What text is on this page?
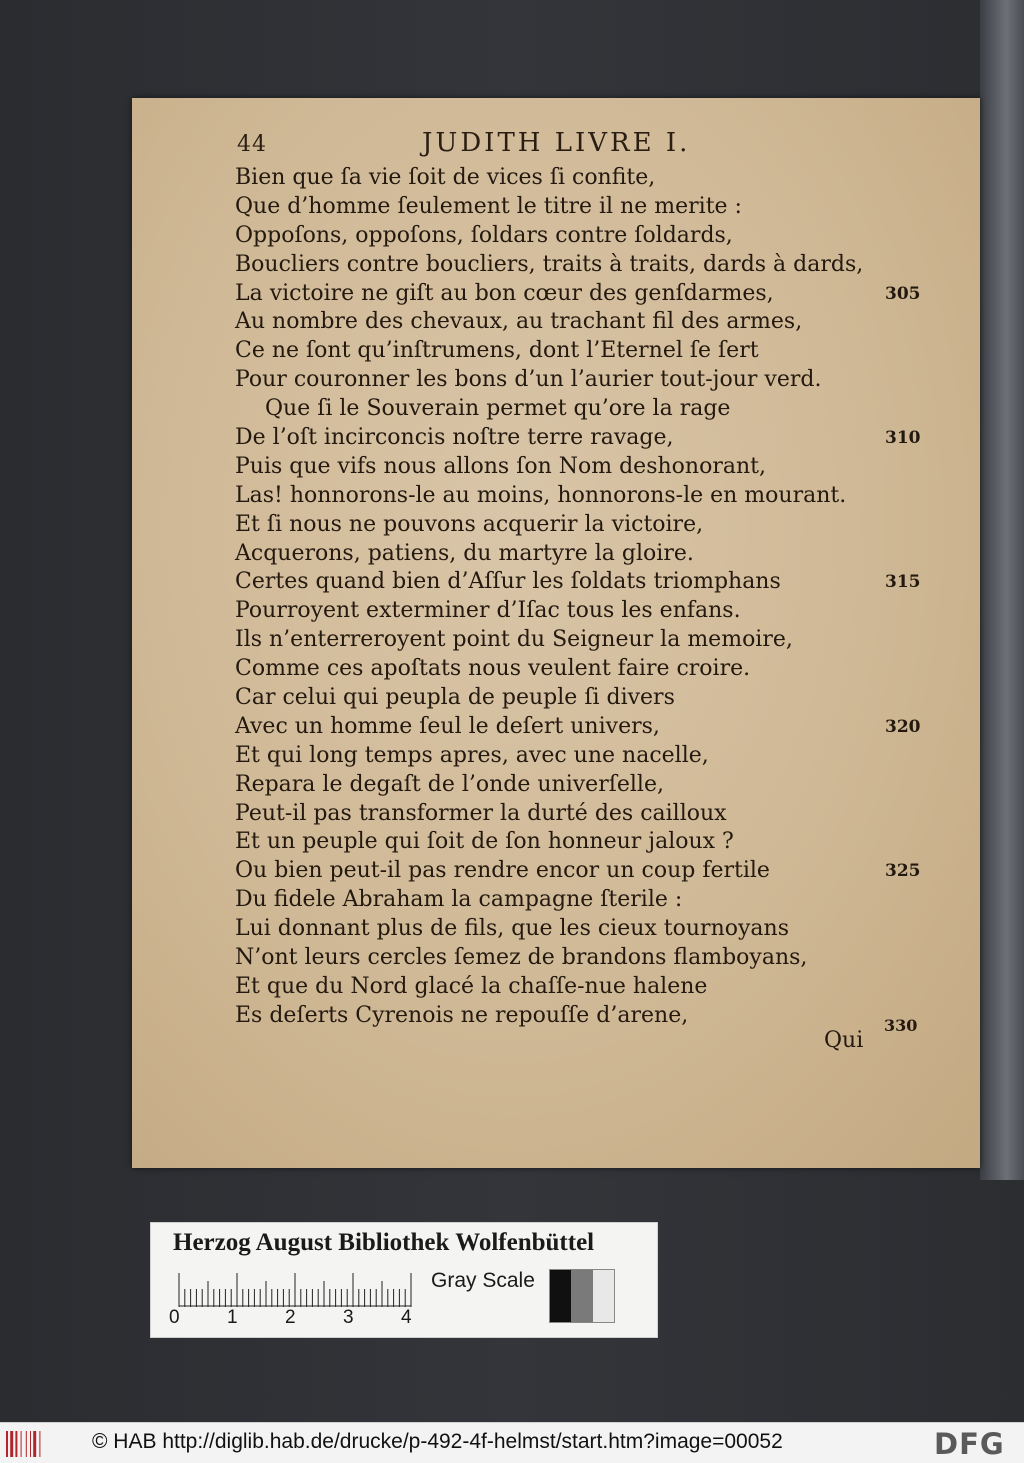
44	JUDITH LIVRE I.
Bien que ſa vie ſoit de vices ſi confite,
Que d’homme ſeulement le titre il ne merite :
Oppoſons, oppoſons, ſoldars contre ſoldards,
Boucliers contre boucliers, traits à traits, dards à dards,
La victoire ne giſt au bon cœur des genſdarmes,	305
Au nombre des chevaux, au trachant fil des armes,
Ce ne ſont qu’inſtrumens, dont l’Eternel ſe ſert
Pour couronner les bons d’un l’aurier tout-jour verd.
Que ſi le Souverain permet qu’ore la rage
De l’oſt incirconcis noſtre terre ravage,	310
Puis que vifs nous allons ſon Nom deshonorant,
Las! honnorons-le au moins, honnorons-le en mourant.
Et ſi nous ne pouvons acquerir la victoire,
Acquerons, patiens, du martyre la gloire.
Certes quand bien d’Aſſur les ſoldats triomphans	315
Pourroyent exterminer d’Iſac tous les enfans.
Ils n’enterreroyent point du Seigneur la memoire,
Comme ces apoſtats nous veulent faire croire.
Car celui qui peupla de peuple ſi divers
Avec un homme ſeul le deſert univers,	320
Et qui long temps apres, avec une nacelle,
Repara le degaſt de l’onde univerſelle,
Peut-il pas transformer la durté des cailloux
Et un peuple qui ſoit de ſon honneur jaloux ?
Ou bien peut-il pas rendre encor un coup fertile	325
Du fidele Abraham la campagne ſterile :
Lui donnant plus de fils, que les cieux tournoyans
N’ont leurs cercles ſemez de brandons flamboyans,
Et que du Nord glacé la chaſſe-nue halene
Es deſerts Cyrenois ne repouſſe d’arene,
Qui
330
Herzog August Bibliothek Wolfenbüttel
0 1 2 3 4
Gray Scale
© HAB http://diglib.hab.de/drucke/p-492-4f-helmst/start.htm?image=00052	DFG
